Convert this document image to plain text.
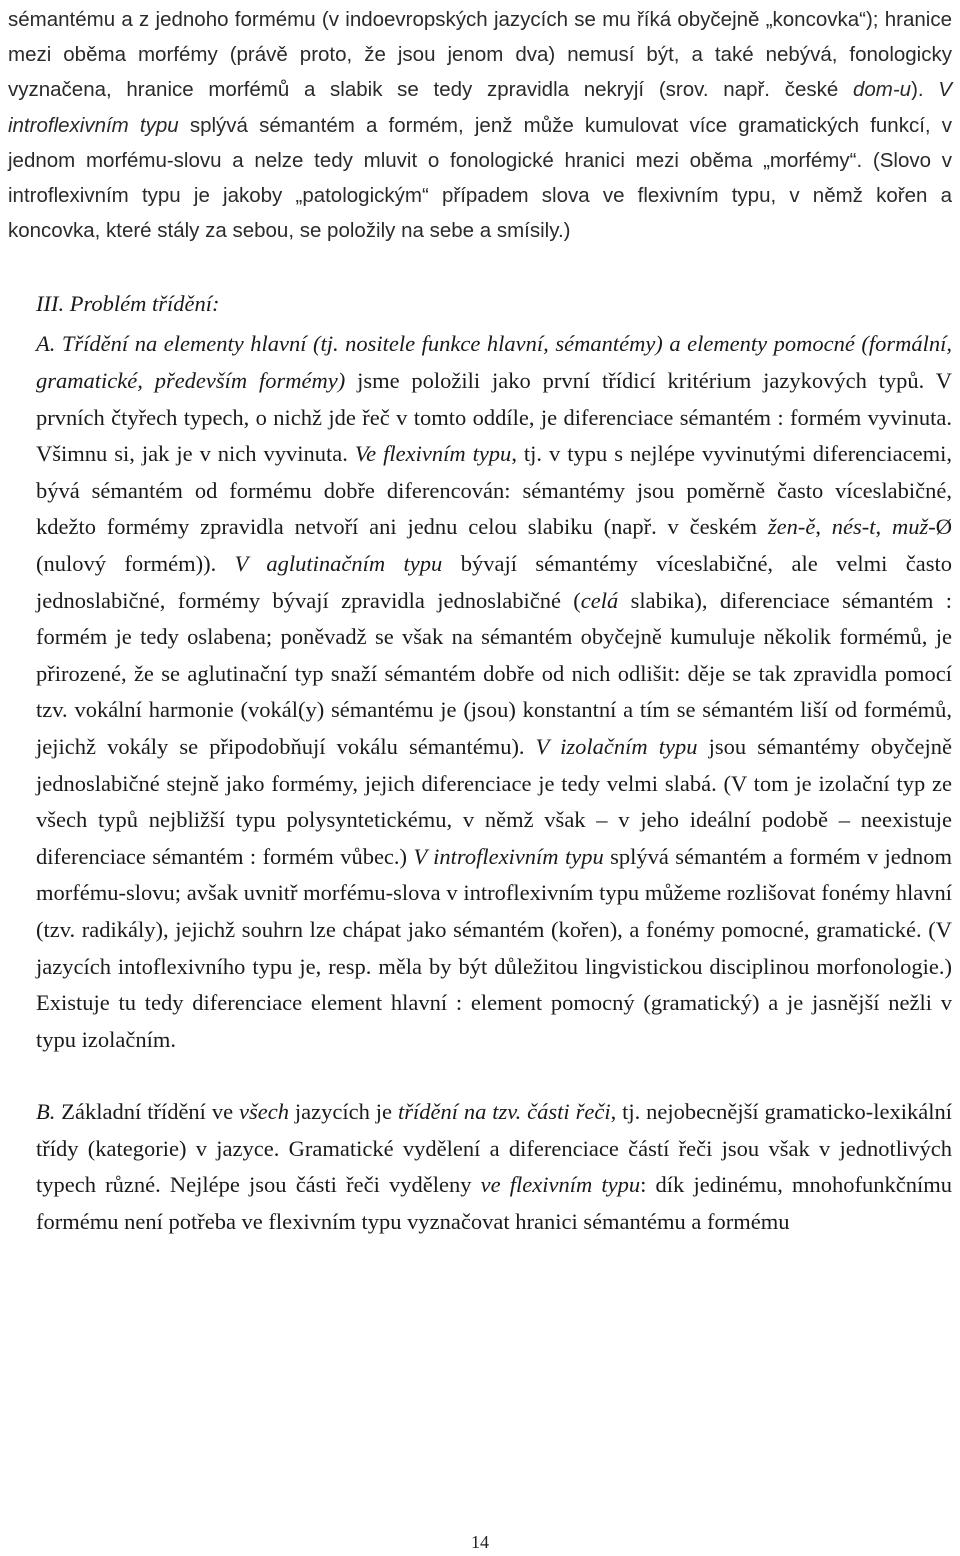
sémantému a z jednoho formému (v indoevropských jazycích se mu říká obyčejně „koncovka“); hranice mezi oběma morfémy (právě proto, že jsou jenom dva) nemusí být, a také nebývá, fonologicky vyznačena, hranice morfémů a slabik se tedy zpravidla nekryjí (srov. např. české dom-u). V introflexivním typu splývá sémantém a formém, jenž může kumulovat více gramatických funkcí, v jednom morfému-slovu a nelze tedy mluvit o fonologické hranici mezi oběma „morfémy“. (Slovo v introflexivním typu je jakoby „patologickým“ případem slova ve flexivním typu, v němž kořen a koncovka, které stály za sebou, se položily na sebe a smísily.)

III. Problém třídění:

A. Třídění na elementy hlavní (tj. nositele funkce hlavní, sémantémy) a elementy pomocné (formální, gramatické, především formémy) jsme položili jako první třídicí kritérium jazykových typů. V prvních čtyřech typech, o nichž jde řeč v tomto oddíle, je diferenciace sémantém : formém vyvinuta. Všimnu si, jak je v nich vyvinuta. Ve flexivním typu, tj. v typu s nejlépe vyvinutými diferenciacemi, bývá sémantém od formému dobře diferencován: sémantémy jsou poměrně často víceslabičné, kdežto formémy zpravidla netvoří ani jednu celou slabiku (např. v českém žen-ě, nés-t, muž-Ø (nulový formém)). V aglutinačním typu bývají sémantémy víceslabičné, ale velmi často jednoslabičné, formémy bývají zpravidla jednoslabičné (celá slabika), diferenciace sémantém : formém je tedy oslabena; poněvadž se však na sémantém obyčejně kumuluje několik formémů, je přirozené, že se aglutinační typ snaží sémantém dobře od nich odlišit: děje se tak zpravidla pomocí tzv. vokální harmonie (vokál(y) sémantému je (jsou) konstantní a tím se sémantém liší od formémů, jejichž vokály se připodobňují vokálu sémantému). V izolačním typu jsou sémantémy obyčejně jednoslabičné stejně jako formémy, jejich diferenciace je tedy velmi slabá. (V tom je izolační typ ze všech typů nejbližší typu polysyntetickému, v němž však – v jeho ideální podobě – neexistuje diferenciace sémantém : formém vůbec.) V introflexivním typu splývá sémantém a formém v jednom morfému-slovu; avšak uvnitř morfému-slova v introflexivním typu můžeme rozlišovat fonémy hlavní (tzv. radikály), jejichž souhrn lze chápat jako sémantém (kořen), a fonémy pomocné, gramatické. (V jazycích intoflexivního typu je, resp. měla by být důležitou lingvistickou disciplinou morfonologie.) Existuje tu tedy diferenciace element hlavní : element pomocný (gramatický) a je jasnější nežli v typu izolačním.

B. Základní třídění ve všech jazycích je třídění na tzv. části řeči, tj. nejobecnější gramaticko-lexikální třídy (kategorie) v jazyce. Gramatické vydělení a diferenciace částí řeči jsou však v jednotlivých typech různé. Nejlépe jsou části řeči vyděleny ve flexivním typu: dík jedinému, mnohofunkčnímu formému není potřeba ve flexivním typu vyznačovat hranici sémantému a formému

14
